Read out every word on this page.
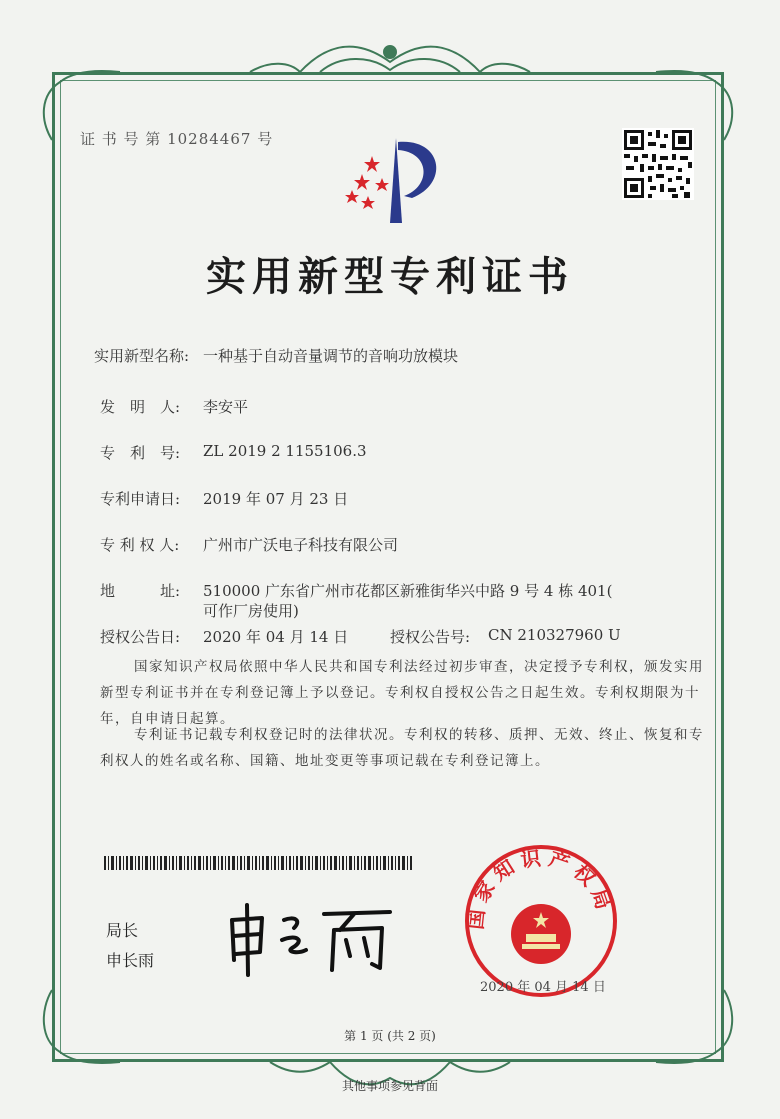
证 书 号 第 10284467 号
实用新型专利证书
实用新型名称: 一种基于自动音量调节的音响功放模块
发　明　人: 李安平
专　利　号: ZL 2019 2 1155106.3
专利申请日: 2019 年 07 月 23 日
专 利 权 人: 广州市广沃电子科技有限公司
地　　　址: 510000 广东省广州市花都区新雅街华兴中路 9 号 4 栋 401(
可作厂房使用)
授权公告日: 2020 年 04 月 14 日	授权公告号: CN 210327960 U
国家知识产权局依照中华人民共和国专利法经过初步审查，决定授予专利权，颁发实用
新型专利证书并在专利登记簿上予以登记。专利权自授权公告之日起生效。专利权期限为十
年，自申请日起算。
专利证书记载专利权登记时的法律状况。专利权的转移、质押、无效、终止、恢复和专
利权人的姓名或名称、国籍、地址变更等事项记载在专利登记簿上。
局长
申长雨
国家知识产权局
2020 年 04 月 14 日
第 1 页 (共 2 页)
其他事项参见背面
